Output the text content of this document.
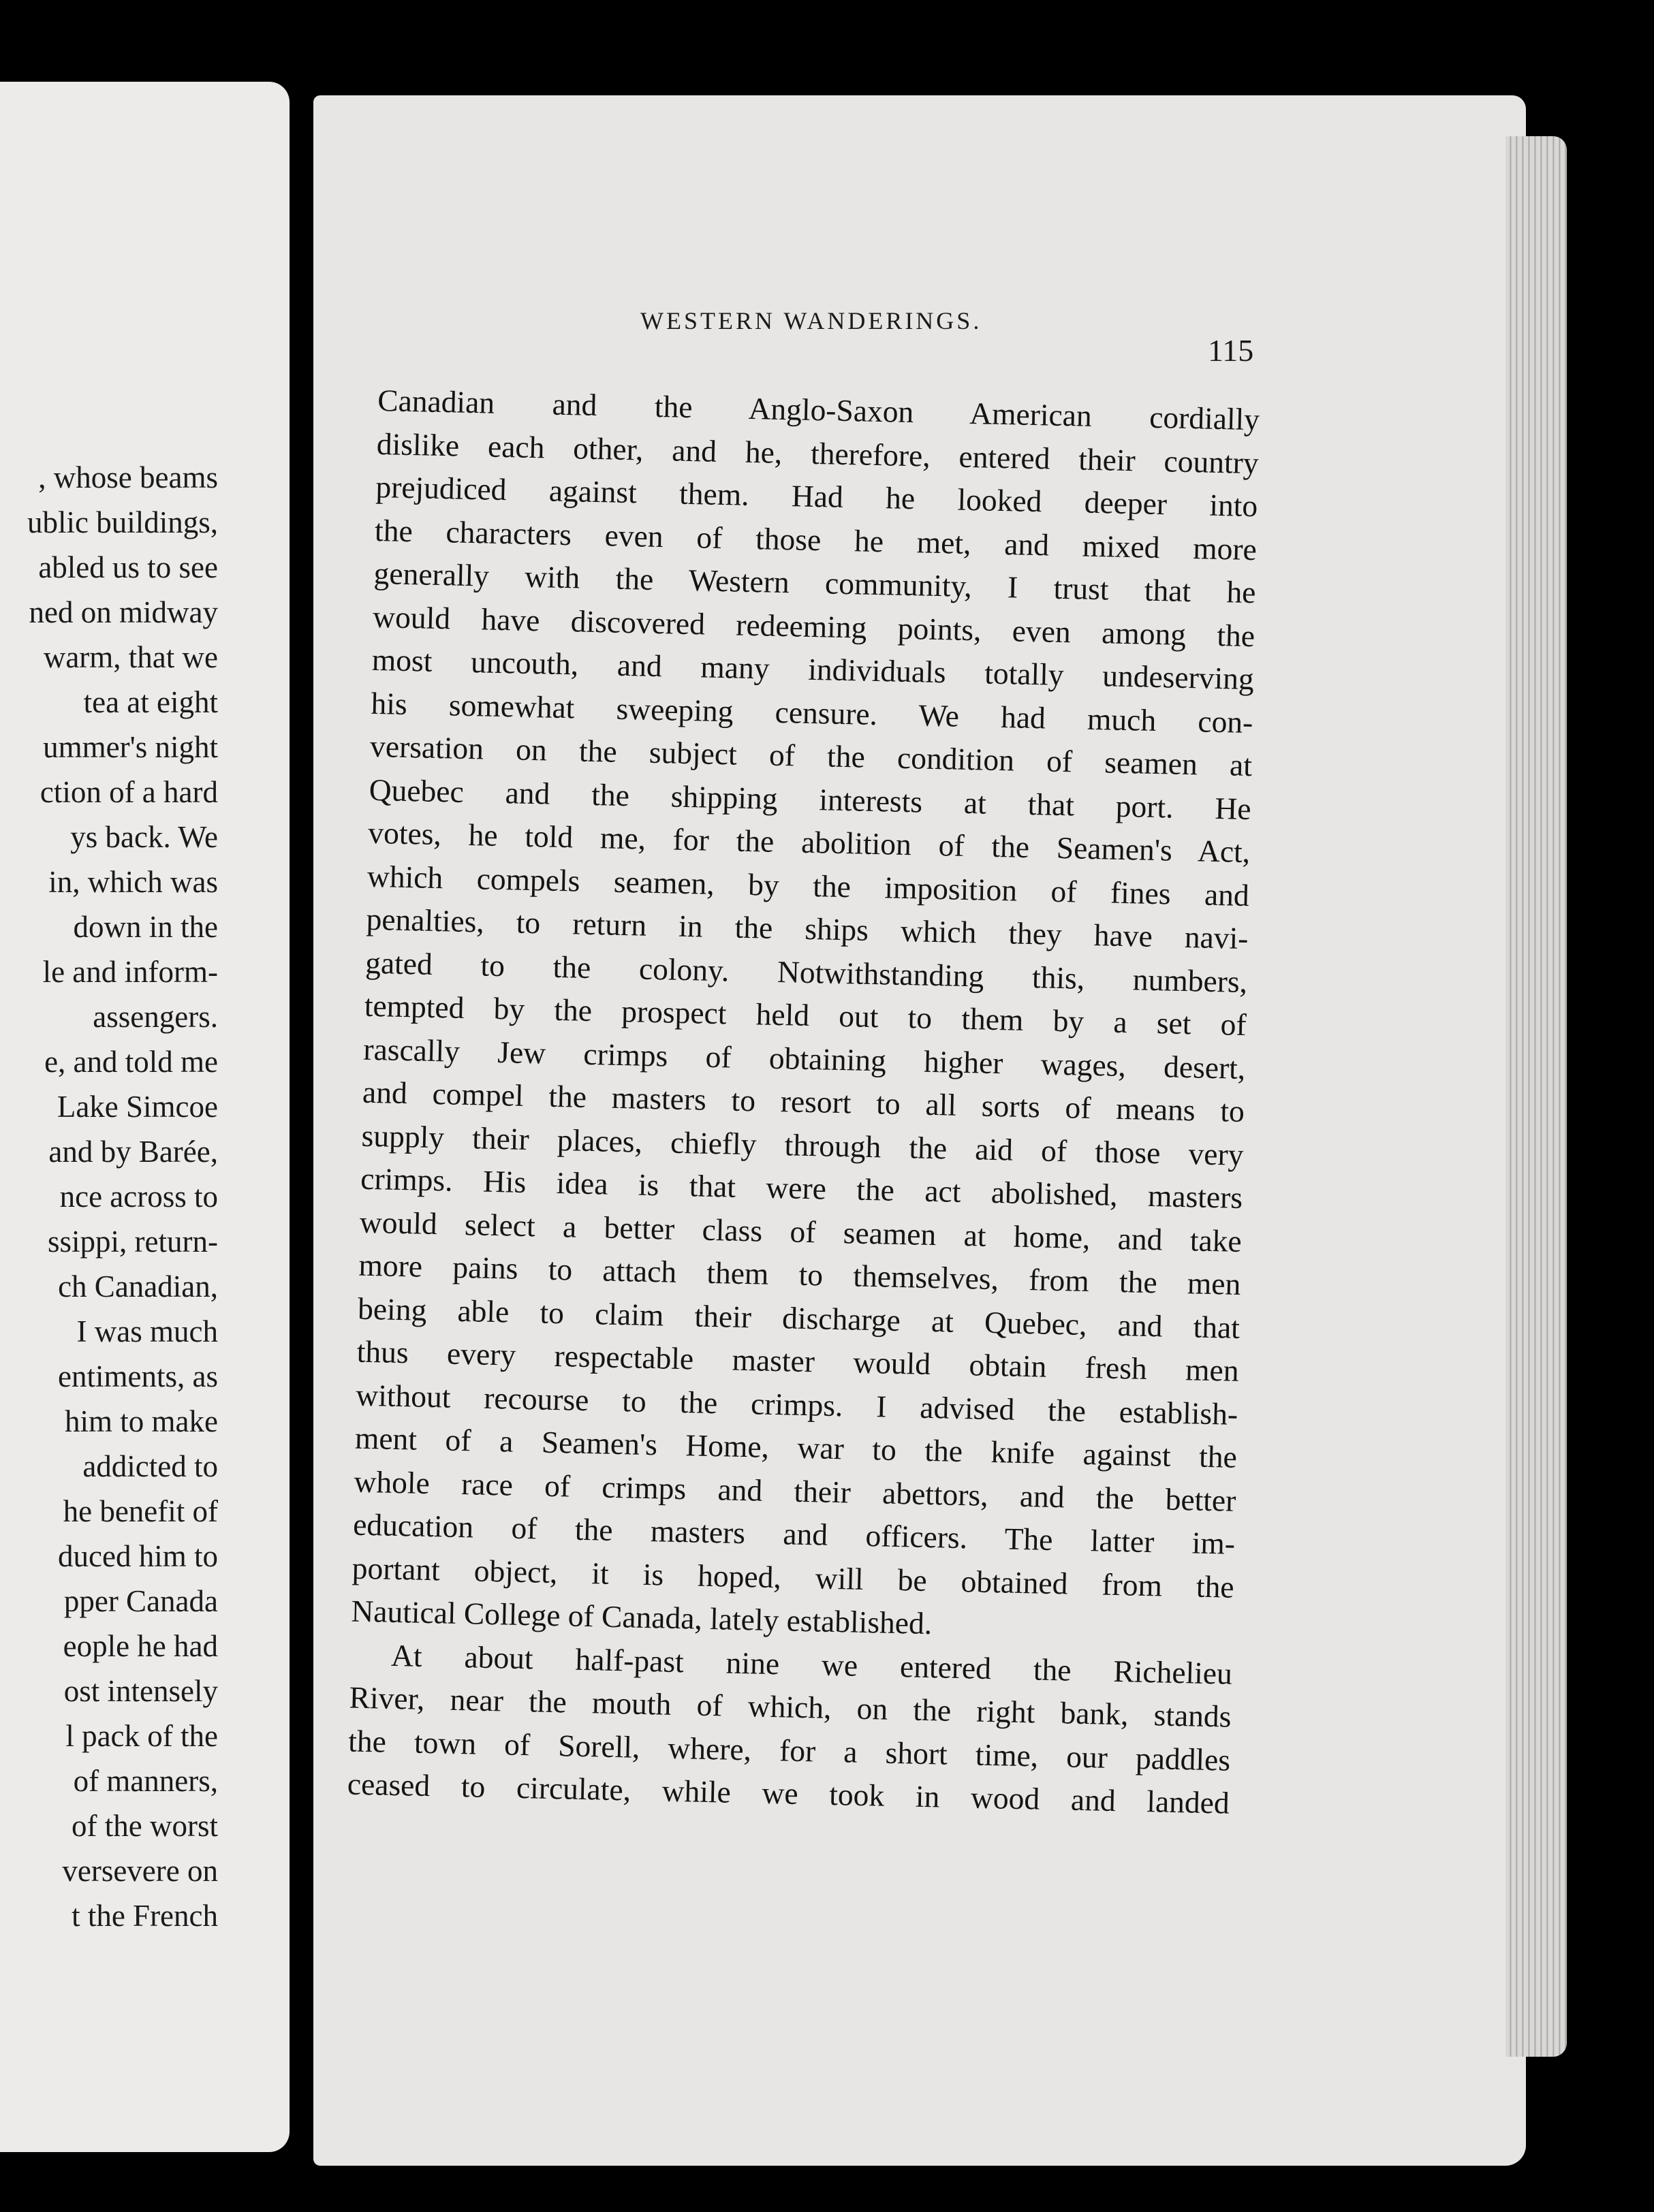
, whose beams
ublic buildings,
abled us to see
ned on midway
warm, that we
tea at eight
ummer's night
ction of a hard
ys back. We
in, which was
down in the
le and inform-
assengers.
e, and told me
Lake Simcoe
and by Barée,
nce across to
ssippi, return-
ch Canadian,
I was much
entiments, as
him to make
addicted to
he benefit of
duced him to
pper Canada
eople he had
ost intensely
l pack of the
of manners,
of the worst
versevere on
t the French
WESTERN WANDERINGS.
115
Canadian and the Anglo-Saxon American cordially
dislike each other, and he, therefore, entered their country
prejudiced against them. Had he looked deeper into
the characters even of those he met, and mixed more
generally with the Western community, I trust that he
would have discovered redeeming points, even among the
most uncouth, and many individuals totally undeserving
his somewhat sweeping censure. We had much con-
versation on the subject of the condition of seamen at
Quebec and the shipping interests at that port. He
votes, he told me, for the abolition of the Seamen's Act,
which compels seamen, by the imposition of fines and
penalties, to return in the ships which they have navi-
gated to the colony. Notwithstanding this, numbers,
tempted by the prospect held out to them by a set of
rascally Jew crimps of obtaining higher wages, desert,
and compel the masters to resort to all sorts of means to
supply their places, chiefly through the aid of those very
crimps. His idea is that were the act abolished, masters
would select a better class of seamen at home, and take
more pains to attach them to themselves, from the men
being able to claim their discharge at Quebec, and that
thus every respectable master would obtain fresh men
without recourse to the crimps. I advised the establish-
ment of a Seamen's Home, war to the knife against the
whole race of crimps and their abettors, and the better
education of the masters and officers. The latter im-
portant object, it is hoped, will be obtained from the
Nautical College of Canada, lately established.
At about half-past nine we entered the Richelieu
River, near the mouth of which, on the right bank, stands
the town of Sorell, where, for a short time, our paddles
ceased to circulate, while we took in wood and landed
